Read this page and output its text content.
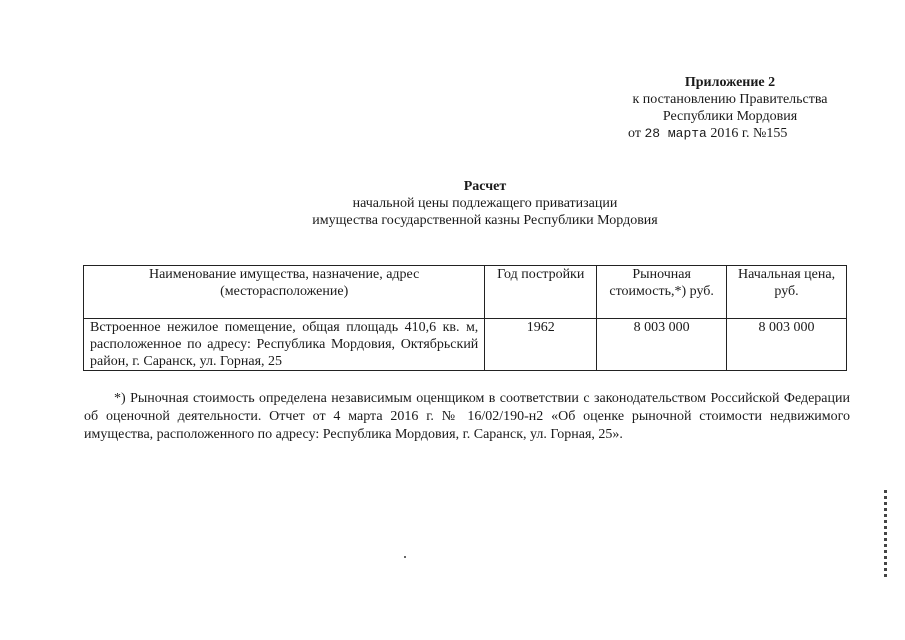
Приложение 2
к постановлению Правительства
Республики Мордовия
от 28 марта 2016 г. №155
Расчет
начальной цены подлежащего приватизации
имущества государственной казны Республики Мордовия
Наименование имущества, назначение, адрес (месторасположение)	Год постройки	Рыночная стоимость,*) руб.	Начальная цена, руб.
Встроенное нежилое помещение, общая площадь 410,6 кв. м, расположенное по адресу: Республика Мордовия, Октябрьский район, г. Саранск, ул. Горная, 25	1962	8 003 000	8 003 000
*) Рыночная стоимость определена независимым оценщиком в соответствии с законодательством Российской Федерации об оценочной деятельности. Отчет от 4 марта 2016 г. № 16/02/190-н2 «Об оценке рыночной стоимости недвижимого имущества, расположенного по адресу: Республика Мордовия, г. Саранск, ул. Горная, 25».
